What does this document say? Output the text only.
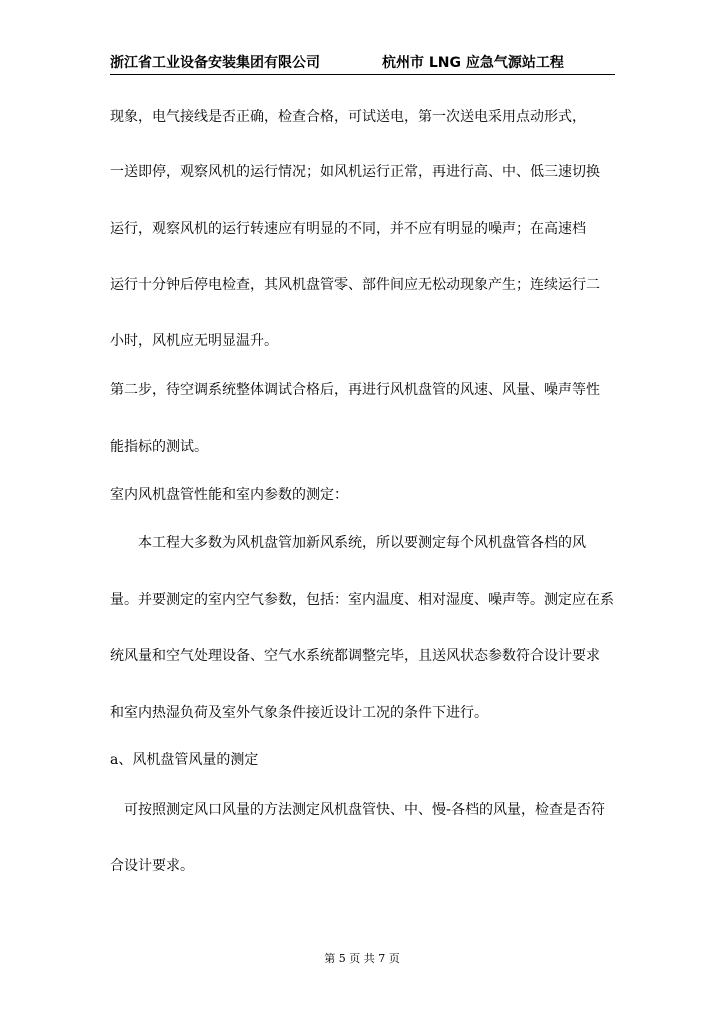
浙江省工业设备安装集团有限公司	杭州市 LNG 应急气源站工程
现象，电气接线是否正确，检查合格，可试送电，第一次送电采用点动形式，
一送即停，观察风机的运行情况；如风机运行正常，再进行高、中、低三速切换
运行，观察风机的运行转速应有明显的不同，并不应有明显的噪声；在高速档
运行十分钟后停电检查，其风机盘管零、部件间应无松动现象产生；连续运行二
小时，风机应无明显温升。
第二步，待空调系统整体调试合格后，再进行风机盘管的风速、风量、噪声等性
能指标的测试。
室内风机盘管性能和室内参数的测定：
　　本工程大多数为风机盘管加新风系统，所以要测定每个风机盘管各档的风
量。并要测定的室内空气参数，包括：室内温度、相对湿度、噪声等。测定应在系
统风量和空气处理设备、空气水系统都调整完毕，且送风状态参数符合设计要求
和室内热湿负荷及室外气象条件接近设计工况的条件下进行。
a、风机盘管风量的测定
　可按照测定风口风量的方法测定风机盘管快、中、慢-各档的风量，检查是否符
合设计要求。
第 5 页 共 7 页
